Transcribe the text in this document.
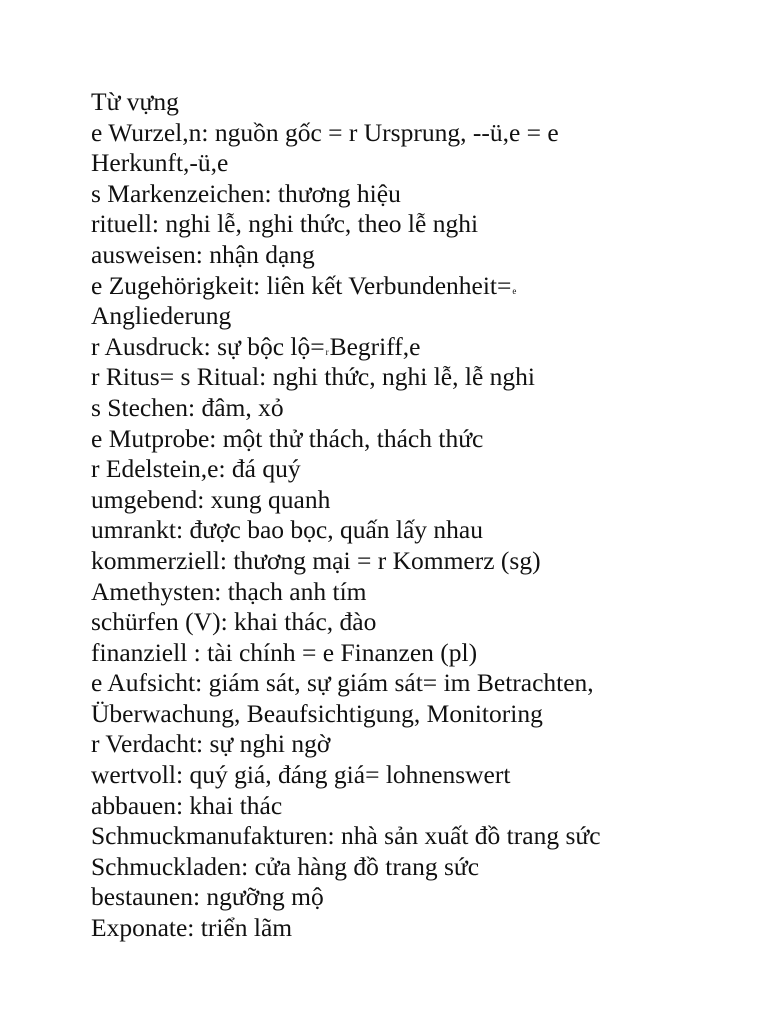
Từ vựng
e Wurzel,n: nguồn gốc = r Ursprung, --ü,e = e
Herkunft,-ü,e
s Markenzeichen: thương hiệu
rituell: nghi lễ, nghi thức, theo lễ nghi
ausweisen: nhận dạng
e Zugehörigkeit: liên kết Verbundenheit=e
Angliederung
r Ausdruck: sự bộc lộ=rBegriff,e
r Ritus= s Ritual: nghi thức, nghi lễ, lễ nghi
s Stechen: đâm, xỏ
e Mutprobe: một thử thách, thách thức
r Edelstein,e: đá quý
umgebend: xung quanh
umrankt: được bao bọc, quấn lấy nhau
kommerziell: thương mại = r Kommerz (sg)
Amethysten: thạch anh tím
schürfen (V): khai thác, đào
finanziell : tài chính = e Finanzen (pl)
e Aufsicht: giám sát, sự giám sát= im Betrachten,
Überwachung, Beaufsichtigung, Monitoring
r Verdacht: sự nghi ngờ
wertvoll: quý giá, đáng giá= lohnenswert
abbauen: khai thác
Schmuckmanufakturen: nhà sản xuất đồ trang sức
Schmuckladen: cửa hàng đồ trang sức
bestaunen: ngưỡng mộ
Exponate: triển lãm
